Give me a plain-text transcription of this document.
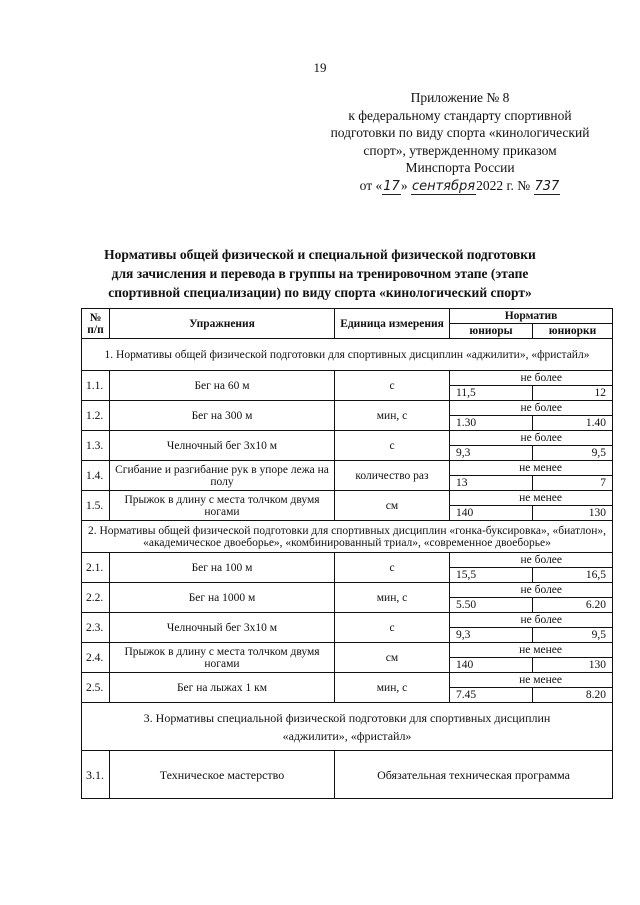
19
Приложение № 8
к федеральному стандарту спортивной
подготовки по виду спорта «кинологический
спорт», утвержденному приказом
Минспорта России
от «17» сентября2022 г. № 737
Нормативы общей физической и специальной физической подготовки
для зачисления и перевода в группы на тренировочном этапе (этапе
спортивной специализации) по виду спорта «кинологический спорт»
№ п/п	Упражнения	Единица измерения	Норматив	
			юниоры	юниорки
1. Нормативы общей физической подготовки для спортивных дисциплин «аджилити», «фристайл»				
1.1.	Бег на 60 м	с	не более	
			11,5	12
1.2.	Бег на 300 м	мин, с	не более	
			1.30	1.40
1.3.	Челночный бег 3х10 м	с	не более	
			9,3	9,5
1.4.	Сгибание и разгибание рук в упоре лежа на полу	количество раз	не менее	
			13	7
1.5.	Прыжок в длину с места толчком двумя ногами	см	не менее	
			140	130
2. Нормативы общей физической подготовки для спортивных дисциплин «гонка-буксировка», «биатлон», «академическое двоеборье», «комбинированный триал», «современное двоеборье»				
2.1.	Бег на 100 м	с	не более	
			15,5	16,5
2.2.	Бег на 1000 м	мин, с	не более	
			5.50	6.20
2.3.	Челночный бег 3х10 м	с	не более	
			9,3	9,5
2.4.	Прыжок в длину с места толчком двумя ногами	см	не менее	
			140	130
2.5.	Бег на лыжах 1 км	мин, с	не менее	
			7.45	8.20
3. Нормативы специальной физической подготовки для спортивных дисциплин «аджилити», «фристайл»				
3.1.	Техническое мастерство	Обязательная техническая программа		
